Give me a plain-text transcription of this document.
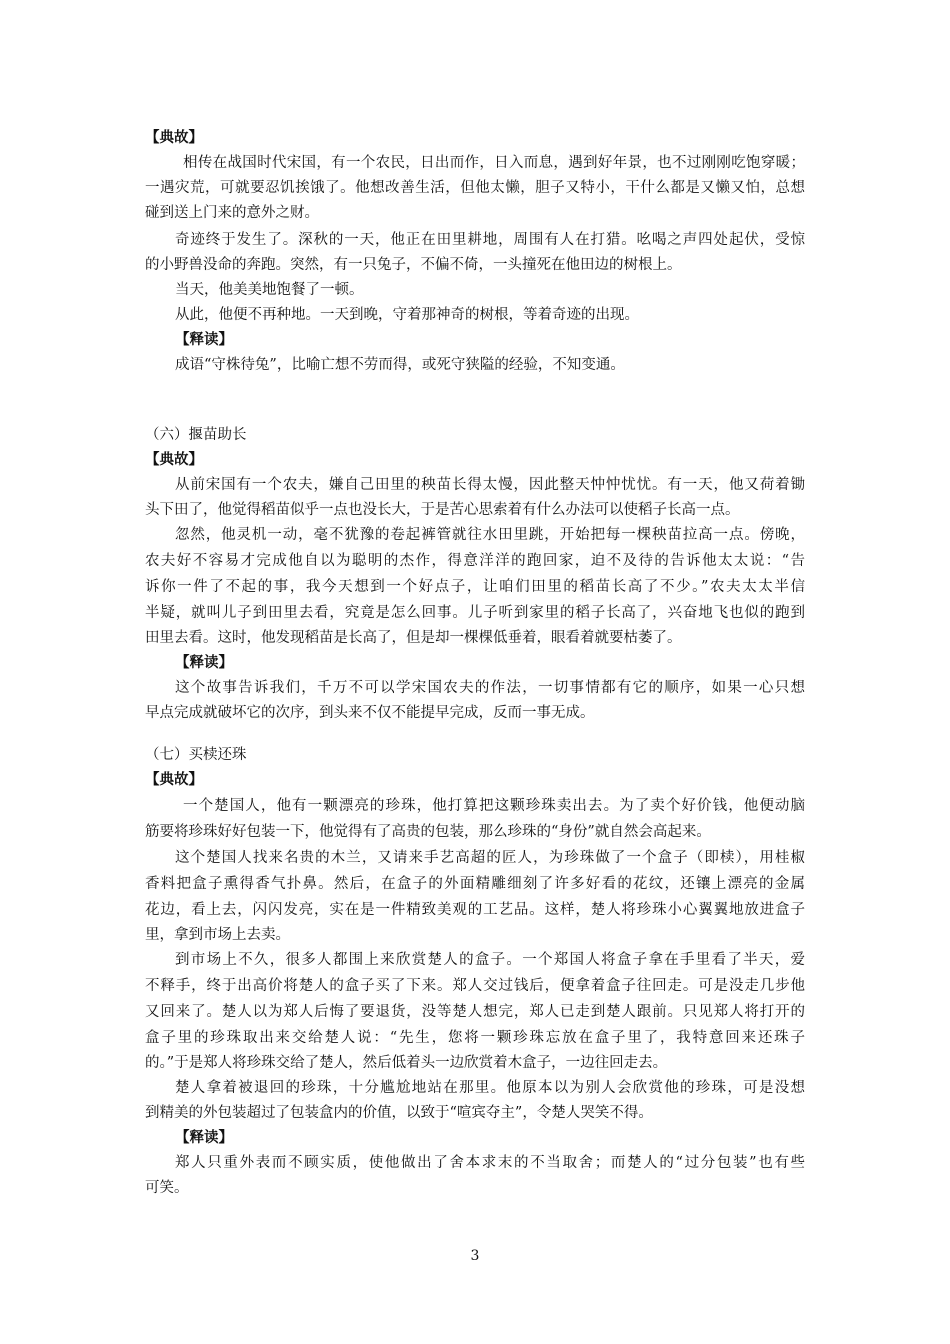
【典故】
相传在战国时代宋国，有一个农民，日出而作，日入而息，遇到好年景，也不过刚刚吃饱穿暖；
一遇灾荒，可就要忍饥挨饿了。他想改善生活，但他太懒，胆子又特小，干什么都是又懒又怕，总想
碰到送上门来的意外之财。
奇迹终于发生了。深秋的一天，他正在田里耕地，周围有人在打猎。吆喝之声四处起伏，受惊
的小野兽没命的奔跑。突然，有一只兔子，不偏不倚，一头撞死在他田边的树根上。
当天，他美美地饱餐了一顿。
从此，他便不再种地。一天到晚，守着那神奇的树根，等着奇迹的出现。
【释读】
成语“守株待兔”，比喻亡想不劳而得，或死守狭隘的经验，不知变通。
（六）揠苗助长
【典故】
从前宋国有一个农夫，嫌自己田里的秧苗长得太慢，因此整天忡忡忧忧。有一天，他又荷着锄
头下田了，他觉得稻苗似乎一点也没长大，于是苦心思索着有什么办法可以使稻子长高一点。
忽然，他灵机一动，毫不犹豫的卷起裤管就往水田里跳，开始把每一棵秧苗拉高一点。傍晚，
农夫好不容易才完成他自以为聪明的杰作，得意洋洋的跑回家，迫不及待的告诉他太太说：“告
诉你一件了不起的事，我今天想到一个好点子，让咱们田里的稻苗长高了不少。”农夫太太半信
半疑，就叫儿子到田里去看，究竟是怎么回事。儿子听到家里的稻子长高了，兴奋地飞也似的跑到
田里去看。这时，他发现稻苗是长高了，但是却一棵棵低垂着，眼看着就要枯萎了。
【释读】
这个故事告诉我们，千万不可以学宋国农夫的作法，一切事情都有它的顺序，如果一心只想
早点完成就破坏它的次序，到头来不仅不能提早完成，反而一事无成。
（七）买椟还珠
【典故】
一个楚国人，他有一颗漂亮的珍珠，他打算把这颗珍珠卖出去。为了卖个好价钱，他便动脑
筋要将珍珠好好包装一下，他觉得有了高贵的包装，那么珍珠的“身份”就自然会高起来。
这个楚国人找来名贵的木兰，又请来手艺高超的匠人，为珍珠做了一个盒子（即椟），用桂椒
香料把盒子熏得香气扑鼻。然后，在盒子的外面精雕细刻了许多好看的花纹，还镶上漂亮的金属
花边，看上去，闪闪发亮，实在是一件精致美观的工艺品。这样，楚人将珍珠小心翼翼地放进盒子
里，拿到市场上去卖。
到市场上不久，很多人都围上来欣赏楚人的盒子。一个郑国人将盒子拿在手里看了半天，爱
不释手，终于出高价将楚人的盒子买了下来。郑人交过钱后，便拿着盒子往回走。可是没走几步他
又回来了。楚人以为郑人后悔了要退货，没等楚人想完，郑人已走到楚人跟前。只见郑人将打开的
盒子里的珍珠取出来交给楚人说：“先生，您将一颗珍珠忘放在盒子里了，我特意回来还珠子
的。”于是郑人将珍珠交给了楚人，然后低着头一边欣赏着木盒子，一边往回走去。
楚人拿着被退回的珍珠，十分尴尬地站在那里。他原本以为别人会欣赏他的珍珠，可是没想
到精美的外包装超过了包装盒内的价值，以致于“喧宾夺主”，令楚人哭笑不得。
【释读】
郑人只重外表而不顾实质，使他做出了舍本求末的不当取舍；而楚人的“过分包装”也有些
可笑。
3
